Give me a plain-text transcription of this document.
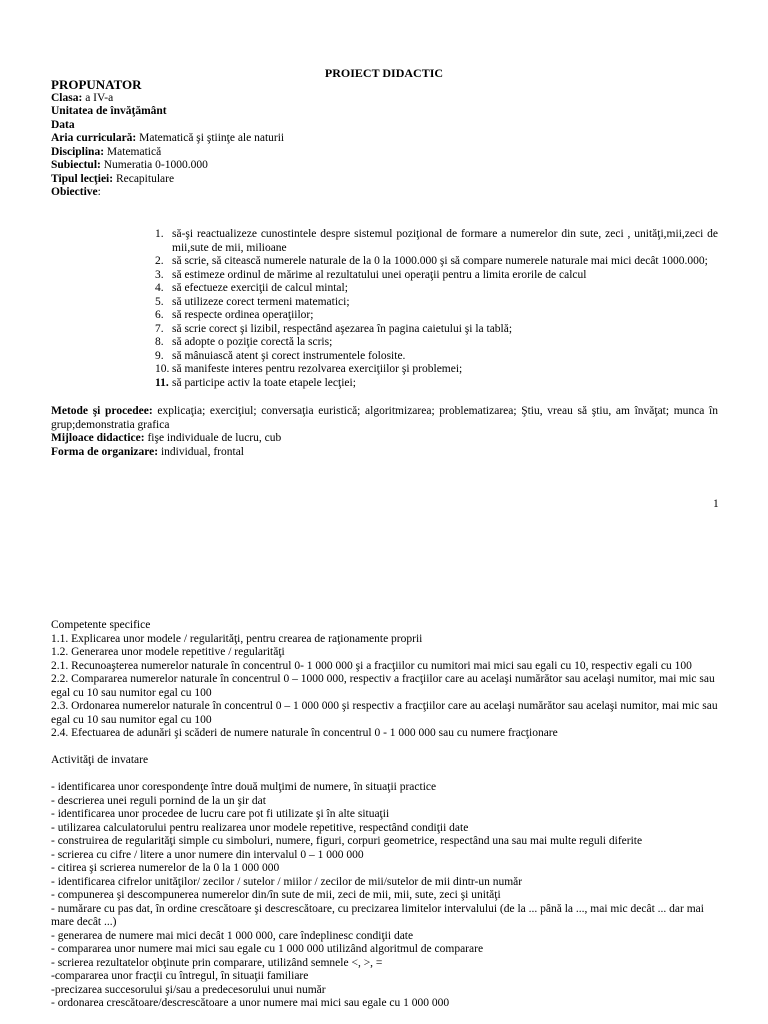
PROIECT DIDACTIC
PROPUNATOR
Clasa: a IV-a
Unitatea de învăţământ
Data
Aria curriculară: Matematică şi ştiinţe ale naturii
Disciplina: Matematică
Subiectul: Numeratia 0-1000.000
Tipul lecţiei: Recapitulare
Obiective:
1. să-şi reactualizeze cunostintele despre sistemul poziţional de formare a numerelor din sute, zeci , unităţi,mii,zeci de mii,sute de mii, milioane
2. să scrie, să citească numerele naturale de la 0 la 1000.000 şi să compare numerele naturale mai mici decât 1000.000;
3. să estimeze ordinul de mărime al rezultatului unei operaţii pentru a limita erorile de calcul
4. să efectueze exerciţii de calcul mintal;
5. să utilizeze corect termeni matematici;
6. să respecte ordinea operaţiilor;
7. să scrie corect şi lizibil, respectând aşezarea în pagina caietului şi la tablă;
8. să adopte o poziţie corectă la scris;
9. să mânuiască atent şi corect instrumentele folosite.
10. să manifeste interes pentru rezolvarea exerciţiilor şi problemei;
11. să participe activ la toate etapele lecţiei;
Metode şi procedee: explicaţia; exerciţiul; conversaţia euristică; algoritmizarea; problematizarea; Ştiu, vreau să ştiu, am învăţat; munca în grup;demonstratia grafica
Mijloace didactice: fişe individuale de lucru, cub
Forma de organizare: individual, frontal
1
Competente specifice
1.1. Explicarea unor modele / regularităţi, pentru crearea de raţionamente proprii
1.2. Generarea unor modele repetitive / regularităţi
2.1. Recunoaşterea numerelor naturale în concentrul 0- 1 000 000 şi a fracţiilor cu numitori mai mici sau egali cu 10, respectiv egali cu 100
2.2. Compararea numerelor naturale în concentrul 0 – 1000 000, respectiv a fracţiilor care au acelaşi numărător sau acelaşi numitor, mai mic sau egal cu 10 sau numitor egal cu 100
2.3. Ordonarea numerelor naturale în concentrul 0 – 1 000 000 şi respectiv a fracţiilor care au acelaşi numărător sau acelaşi numitor, mai mic sau egal cu 10 sau numitor egal cu 100
2.4. Efectuarea de adunări şi scăderi de numere naturale în concentrul 0 - 1 000 000 sau cu numere fracţionare
Activităţi de invatare
- identificarea unor corespondenţe între două mulţimi de numere, în situaţii practice
- descrierea unei reguli pornind de la un şir dat
- identificarea unor procedee de lucru care pot fi utilizate şi în alte situaţii
- utilizarea calculatorului pentru realizarea unor modele repetitive, respectând condiţii date
- construirea de regularităţi simple cu simboluri, numere, figuri, corpuri geometrice, respectând una sau mai multe reguli diferite
- scrierea cu cifre / litere a unor numere din intervalul 0 – 1 000 000
- citirea şi scrierea numerelor de la 0 la 1 000 000
- identificarea cifrelor unităţilor/ zecilor / sutelor / miilor / zecilor de mii/sutelor de mii dintr-un număr
- compunerea şi descompunerea numerelor din/în sute de mii, zeci de mii, mii, sute, zeci şi unităţi
- numărare cu pas dat, în ordine crescătoare şi descrescătoare, cu precizarea limitelor intervalului (de la ... până la ..., mai mic decât ... dar mai mare decât ...)
- generarea de numere mai mici decât 1 000 000, care îndeplinesc condiţii date
- compararea unor numere mai mici sau egale cu 1 000 000 utilizând algoritmul de comparare
- scrierea rezultatelor obţinute prin comparare, utilizând semnele <, >, =
-compararea unor fracţii cu întregul, în situaţii familiare
-precizarea succesorului şi/sau a predecesorului unui număr
- ordonarea crescătoare/descrescătoare a unor numere mai mici sau egale cu 1 000 000
